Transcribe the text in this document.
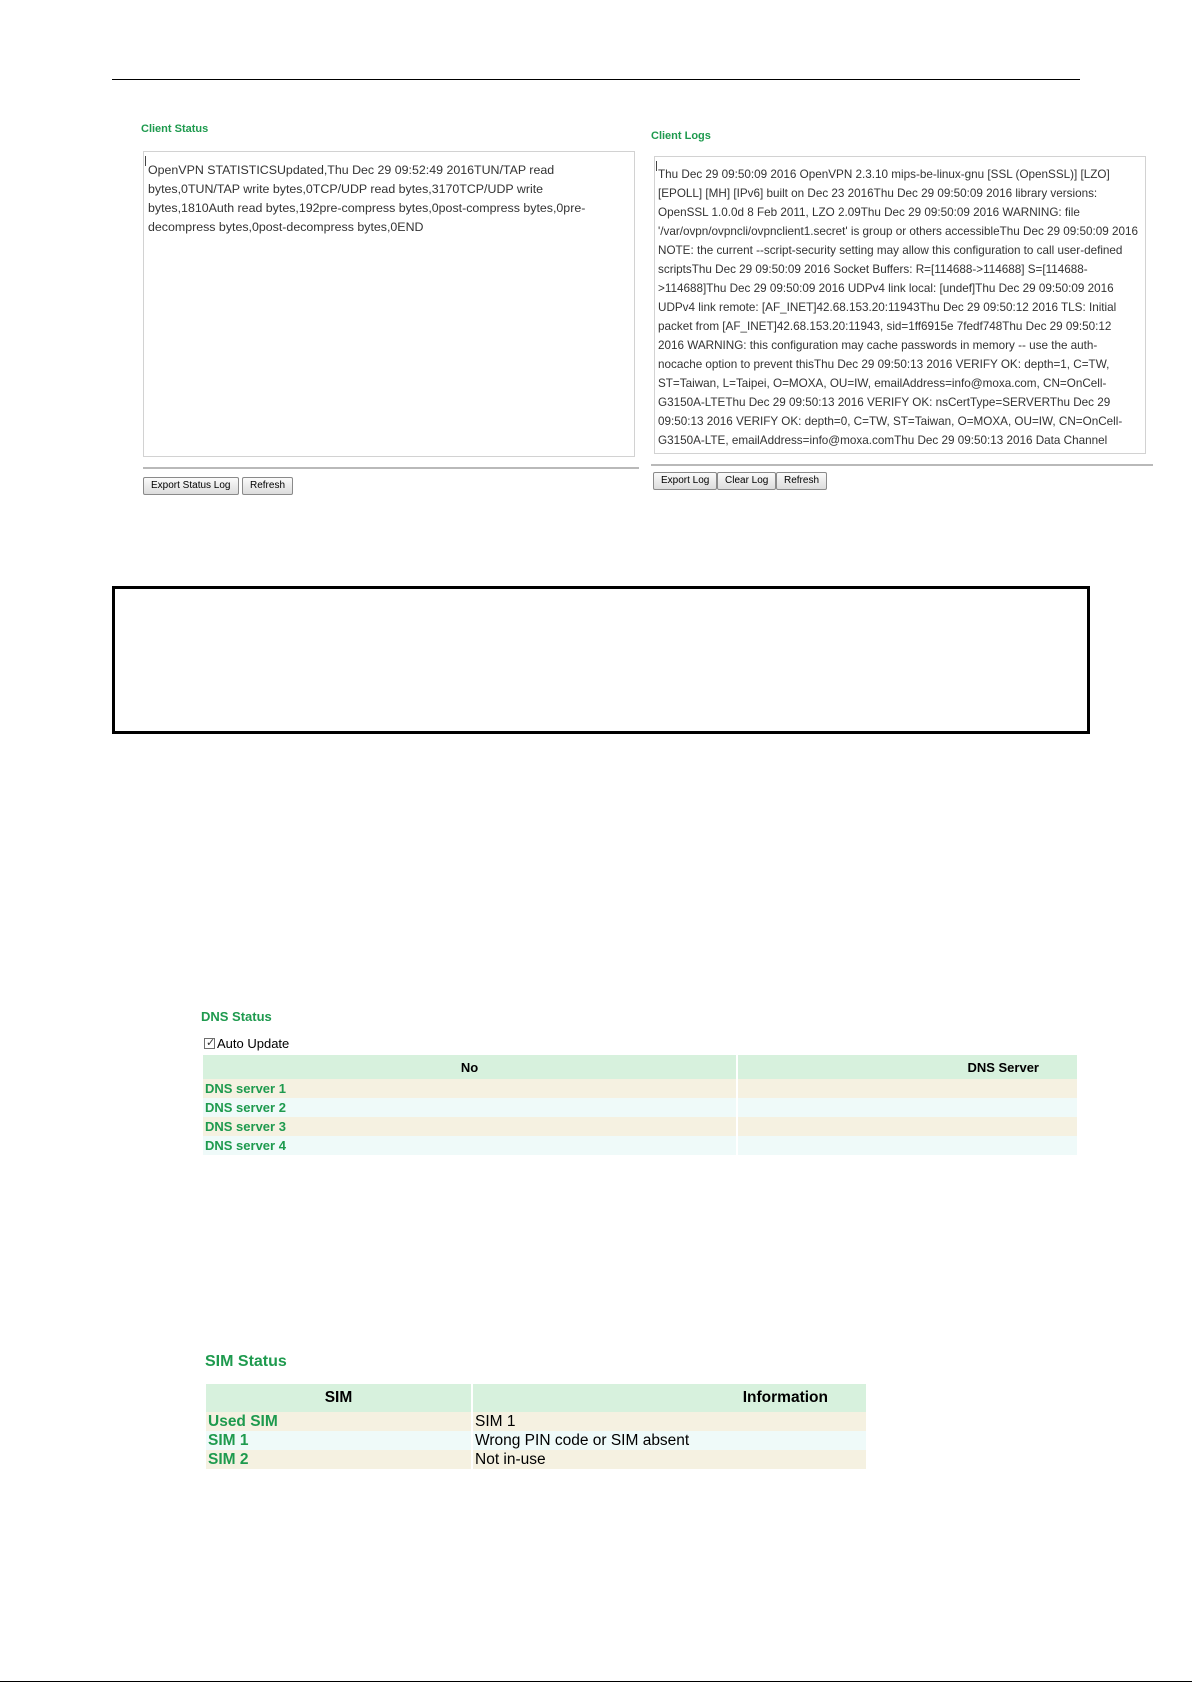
Client Status
OpenVPN STATISTICSUpdated,Thu Dec 29 09:52:49 2016TUN/TAP read bytes,0TUN/TAP write bytes,0TCP/UDP read bytes,3170TCP/UDP write bytes,1810Auth read bytes,192pre-compress bytes,0post-compress bytes,0pre-decompress bytes,0post-decompress bytes,0END
Export Status Log	Refresh
Client Logs
Thu Dec 29 09:50:09 2016 OpenVPN 2.3.10 mips-be-linux-gnu [SSL (OpenSSL)] [LZO] [EPOLL] [MH] [IPv6] built on Dec 23 2016Thu Dec 29 09:50:09 2016 library versions: OpenSSL 1.0.0d 8 Feb 2011, LZO 2.09Thu Dec 29 09:50:09 2016 WARNING: file '/var/ovpn/ovpncli/ovpnclient1.secret' is group or others accessibleThu Dec 29 09:50:09 2016 NOTE: the current --script-security setting may allow this configuration to call user-defined scriptsThu Dec 29 09:50:09 2016 Socket Buffers: R=[114688->114688] S=[114688->114688]Thu Dec 29 09:50:09 2016 UDPv4 link local: [undef]Thu Dec 29 09:50:09 2016 UDPv4 link remote: [AF_INET]42.68.153.20:11943Thu Dec 29 09:50:12 2016 TLS: Initial packet from [AF_INET]42.68.153.20:11943, sid=1ff6915e 7fedf748Thu Dec 29 09:50:12 2016 WARNING: this configuration may cache passwords in memory -- use the auth-nocache option to prevent thisThu Dec 29 09:50:13 2016 VERIFY OK: depth=1, C=TW, ST=Taiwan, L=Taipei, O=MOXA, OU=IW, emailAddress=info@moxa.com, CN=OnCell-G3150A-LTEThu Dec 29 09:50:13 2016 VERIFY OK: nsCertType=SERVERThu Dec 29 09:50:13 2016 VERIFY OK: depth=0, C=TW, ST=Taiwan, O=MOXA, OU=IW, CN=OnCell-G3150A-LTE, emailAddress=info@moxa.comThu Dec 29 09:50:13 2016 Data Channel
Export Log	Clear Log	Refresh
DNS Status
✓ Auto Update
No	DNS Server
DNS server 1	
DNS server 2	
DNS server 3	
DNS server 4	
SIM Status
SIM	Information
Used SIM	SIM 1
SIM 1	Wrong PIN code or SIM absent
SIM 2	Not in-use
